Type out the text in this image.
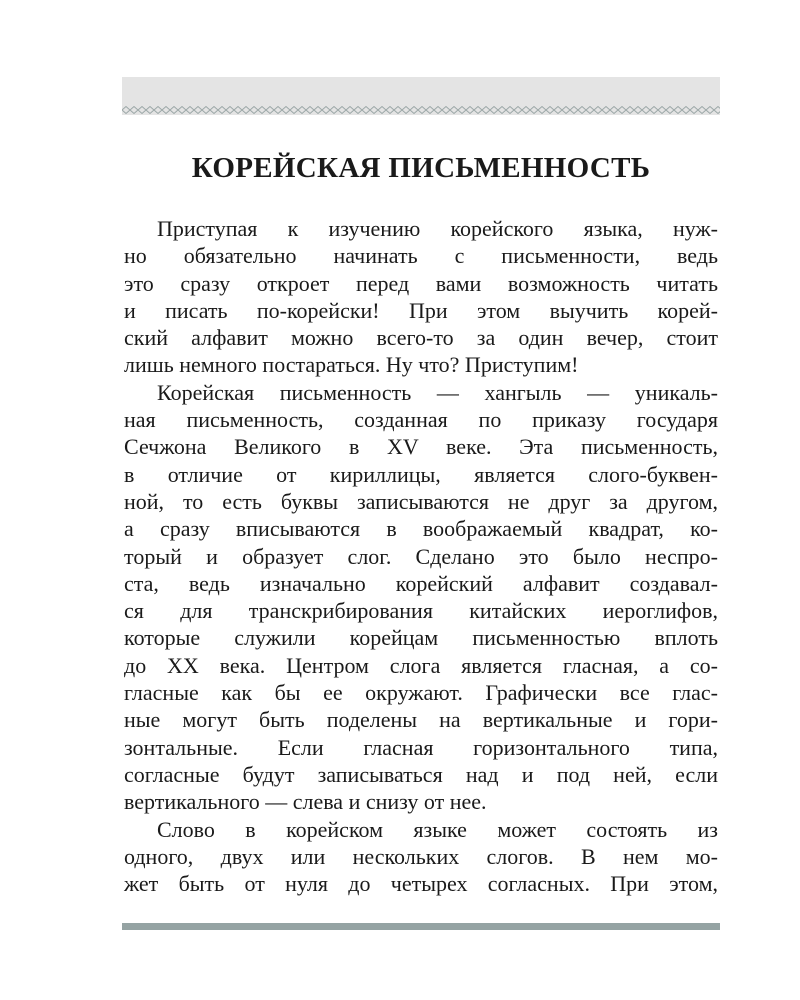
КОРЕЙСКАЯ ПИСЬМЕННОСТЬ
Приступая к изучению корейского языка, нуж-
но обязательно начинать с письменности, ведь
это сразу откроет перед вами возможность читать
и писать по-корейски! При этом выучить корей-
ский алфавит можно всего-то за один вечер, стоит
лишь немного постараться. Ну что? Приступим!
Корейская письменность — хангыль — уникаль-
ная письменность, созданная по приказу государя
Сечжона Великого в XV веке. Эта письменность,
в отличие от кириллицы, является слого-буквен-
ной, то есть буквы записываются не друг за другом,
а сразу вписываются в воображаемый квадрат, ко-
торый и образует слог. Сделано это было неспро-
ста, ведь изначально корейский алфавит создавал-
ся для транскрибирования китайских иероглифов,
которые служили корейцам письменностью вплоть
до XX века. Центром слога является гласная, а со-
гласные как бы ее окружают. Графически все глас-
ные могут быть поделены на вертикальные и гори-
зонтальные. Если гласная горизонтального типа,
согласные будут записываться над и под ней, если
вертикального — слева и снизу от нее.
Слово в корейском языке может состоять из
одного, двух или нескольких слогов. В нем мо-
жет быть от нуля до четырех согласных. При этом,
